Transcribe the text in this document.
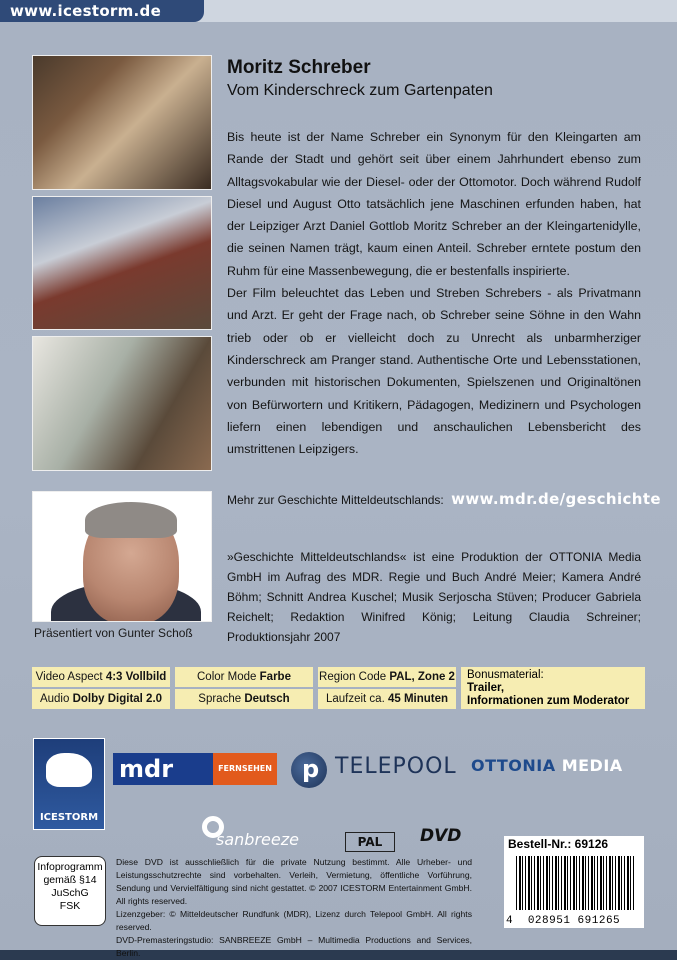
www.icestorm.de
Präsentiert von Gunter Schoß
Moritz Schreber
Vom Kinderschreck zum Gartenpaten

Bis heute ist der Name Schreber ein Synonym für den Kleingarten am Rande der Stadt und gehört seit über einem Jahrhundert ebenso zum Alltagsvokabular wie der Diesel- oder der Ottomotor. Doch während Rudolf Diesel und August Otto tatsächlich jene Maschinen erfunden haben, hat der Leipziger Arzt Daniel Gottlob Moritz Schreber an der Kleingartenidylle, die seinen Namen trägt, kaum einen Anteil. Schreber erntete postum den Ruhm für eine Massenbewegung, die er bestenfalls inspirierte.

Der Film beleuchtet das Leben und Streben Schrebers - als Privatmann und Arzt. Er geht der Frage nach, ob Schreber seine Söhne in den Wahn trieb oder ob er vielleicht doch zu Unrecht als unbarmherziger Kinderschreck am Pranger stand. Authentische Orte und Lebensstationen, verbunden mit historischen Dokumenten, Spielszenen und Originaltönen von Befürwortern und Kritikern, Pädagogen, Medizinern und Psychologen liefern einen lebendigen und anschaulichen Lebensbericht des umstrittenen Leipzigers.

Mehr zur Geschichte Mitteldeutschlands: www.mdr.de/geschichte
»Geschichte Mitteldeutschlands« ist eine Produktion der OTTONIA Media GmbH im Aufrag des MDR. Regie und Buch André Meier; Kamera André Böhm; Schnitt Andrea Kuschel; Musik Serjoscha Stüven; Producer Gabriela Reichelt; Redaktion Winifred König; Leitung Claudia Schreiner; Produktionsjahr 2007
Video Aspect 4:3 Vollbild	Color Mode Farbe	Region Code PAL, Zone 2
Audio Dolby Digital 2.0	Sprache Deutsch	Laufzeit ca. 45 Minuten
Bonusmaterial:
Trailer,
Informationen zum Moderator
ICESTORM
mdr	FERNSEHEN p TELEPOOL OTTONIA MEDIA
sanbreeze	PAL	DVD
Infoprogramm
gemäß §14
JuSchG
FSK

Diese DVD ist ausschließlich für die private Nutzung bestimmt. Alle Urheber- und Leistungsschutzrechte sind vorbehalten. Verleih, Vermietung, öffentliche Vorführung, Sendung und Vervielfältigung sind nicht gestattet. © 2007 ICESTORM Entertainment GmbH. All rights reserved.

Lizenzgeber: © Mitteldeutscher Rundfunk (MDR), Lizenz durch Telepool GmbH. All rights reserved.

DVD-Premasteringstudio: SANBREEZE GmbH – Multimedia Productions and Services, Berlin.

Bestell-Nr.: 69126
4	028951 691265
